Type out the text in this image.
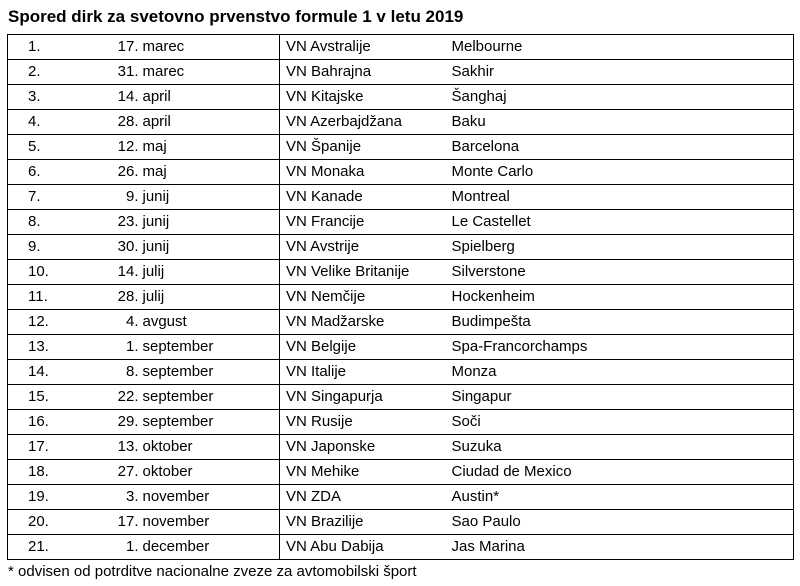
Spored dirk za svetovno prvenstvo formule 1 v letu 2019
1.	17. marec	VN Avstralije	Melbourne
2.	31. marec	VN Bahrajna	Sakhir
3.	14. april	VN Kitajske	Šanghaj
4.	28. april	VN Azerbajdžana	Baku
5.	12. maj	VN Španije	Barcelona
6.	26. maj	VN Monaka	Monte Carlo
7.	9. junij	VN Kanade	Montreal
8.	23. junij	VN Francije	Le Castellet
9.	30. junij	VN Avstrije	Spielberg
10.	14. julij	VN Velike Britanije	Silverstone
11.	28. julij	VN Nemčije	Hockenheim
12.	4. avgust	VN Madžarske	Budimpešta
13.	1. september	VN Belgije	Spa-Francorchamps
14.	8. september	VN Italije	Monza
15.	22. september	VN Singapurja	Singapur
16.	29. september	VN Rusije	Soči
17.	13. oktober	VN Japonske	Suzuka
18.	27. oktober	VN Mehike	Ciudad de Mexico
19.	3. november	VN ZDA	Austin*
20.	17. november	VN Brazilije	Sao Paulo
21.	1. december	VN Abu Dabija	Jas Marina
* odvisen od potrditve nacionalne zveze za avtomobilski šport
